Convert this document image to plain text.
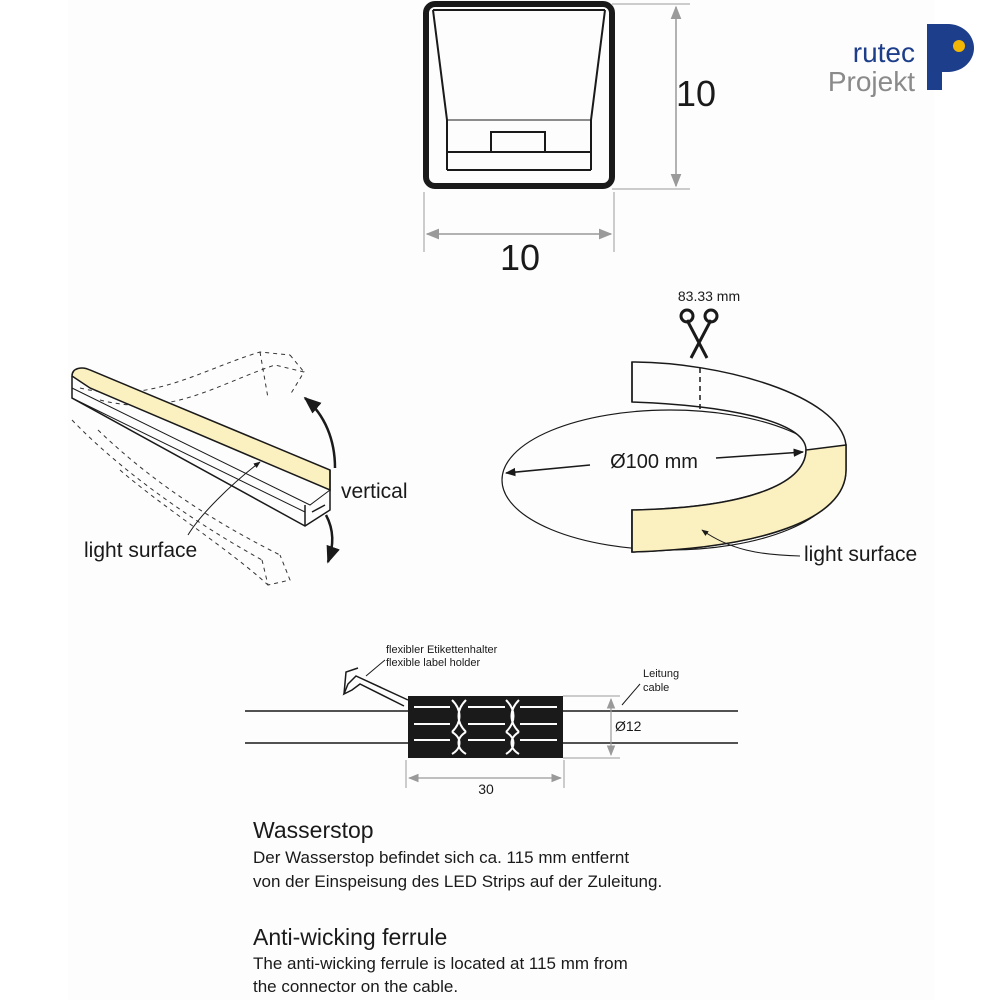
10
10
rutec
Projekt
vertical
light surface
83.33 mm
Ø100 mm
light surface
flexibler Etikettenhalter
flexible label holder
Leitung
cable
Ø12
30

Wasserstop

Der Wasserstop befindet sich ca. 115 mm entfernt

von der Einspeisung des LED Strips auf der Zuleitung.

Anti-wicking ferrule

The anti-wicking ferrule is located at 115 mm from

the connector on the cable.
